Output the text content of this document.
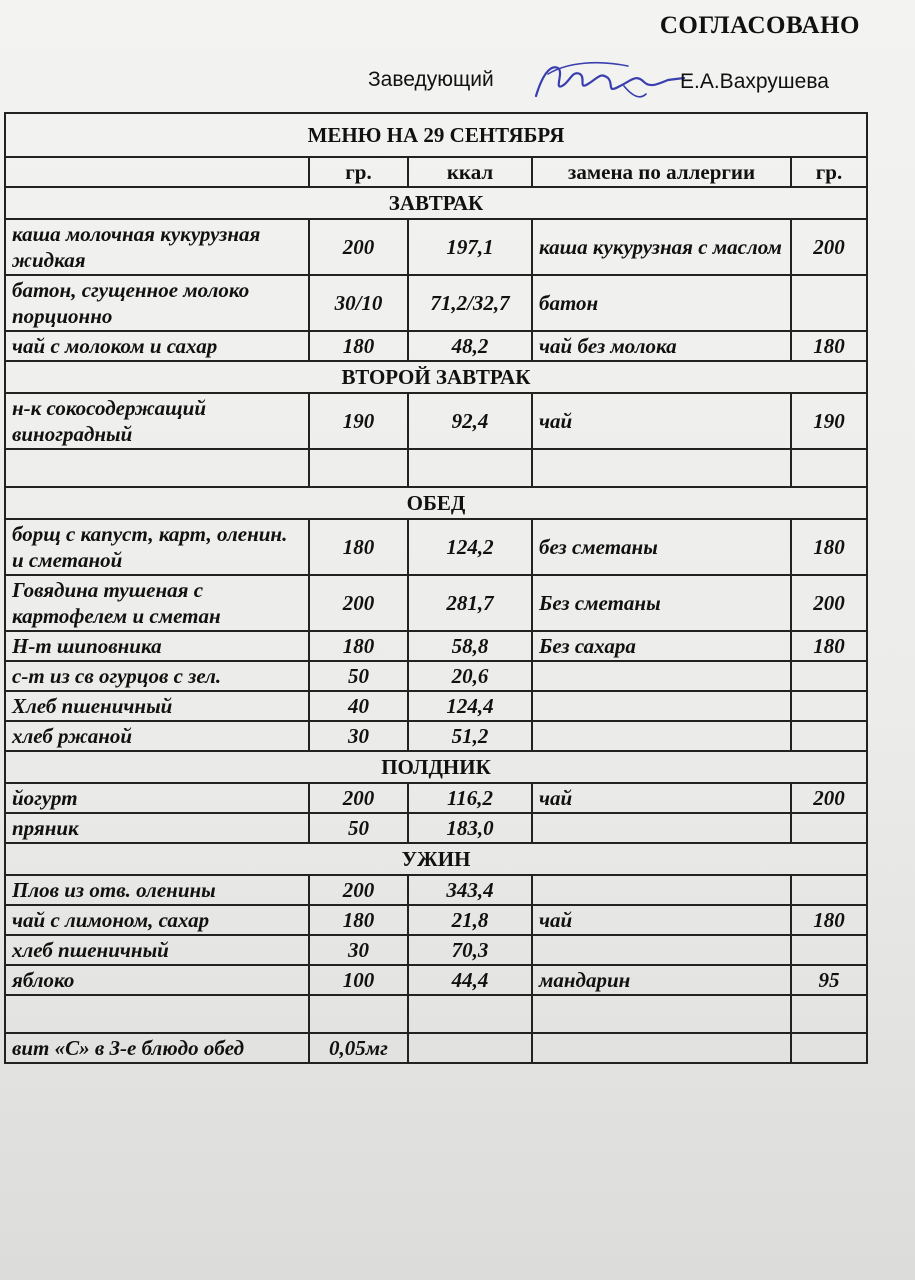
СОГЛАСОВАНО
Заведующий	Е.А.Вахрушева
МЕНЮ НА 29 СЕНТЯБРЯ				
	гр.	ккал	замена по аллергии	гр.
ЗАВТРАК				
каша молочная кукурузная жидкая	200	197,1	каша кукурузная с маслом	200
батон, сгущенное молоко порционно	30/10	71,2/32,7	батон	
чай с молоком и сахар	180	48,2	чай без молока	180
ВТОРОЙ ЗАВТРАК				
н-к сокосодержащий виноградный	190	92,4	чай	190

ОБЕД				
борщ с капуст, карт, оленин. и сметаной	180	124,2	без сметаны	180
Говядина тушеная с картофелем и сметан	200	281,7	Без сметаны	200
Н-т шиповника	180	58,8	Без сахара	180
с-т из св огурцов с зел.	50	20,6		
Хлеб пшеничный	40	124,4		
хлеб ржаной	30	51,2		
ПОЛДНИК				
йогурт	200	116,2	чай	200
пряник	50	183,0		
УЖИН				
Плов из отв. оленины	200	343,4		
чай с лимоном, сахар	180	21,8	чай	180
хлеб пшеничный	30	70,3		
яблоко	100	44,4	мандарин	95

вит «С» в 3-е блюдо обед	0,05мг			
